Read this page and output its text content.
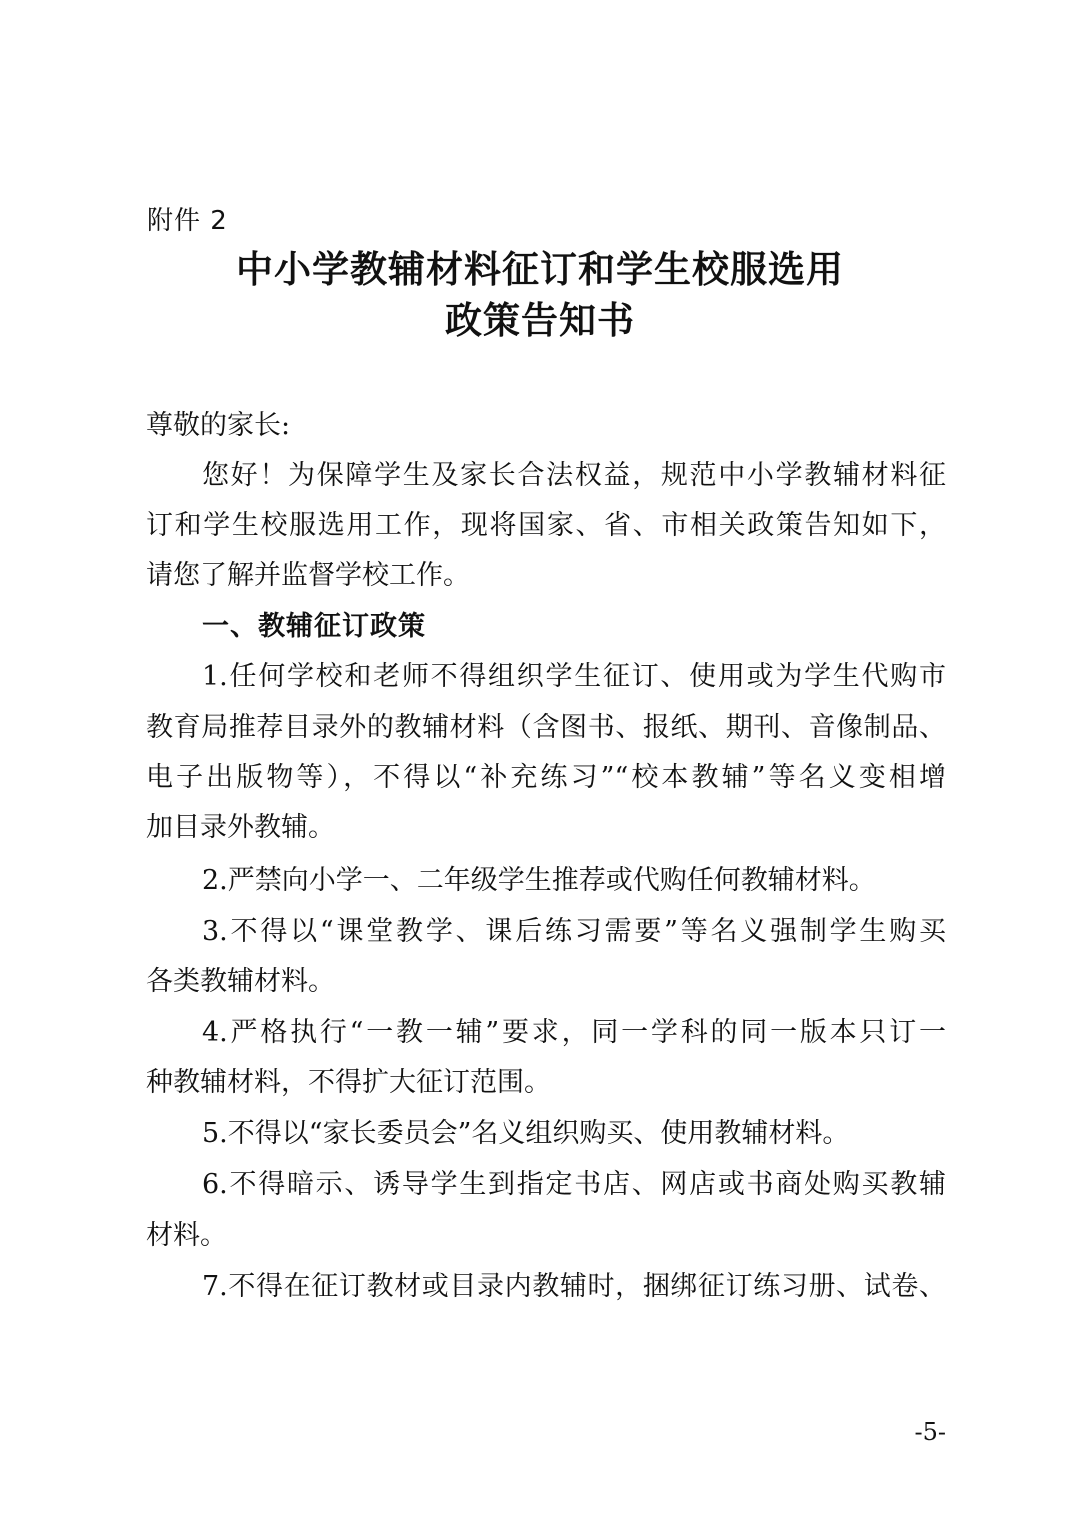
附件 2
中小学教辅材料征订和学生校服选用
政策告知书
尊敬的家长:
您好！为保障学生及家长合法权益，规范中小学教辅材料征
订和学生校服选用工作，现将国家、省、市相关政策告知如下，
请您了解并监督学校工作。
一、教辅征订政策
1.任何学校和老师不得组织学生征订、使用或为学生代购市
教育局推荐目录外的教辅材料（含图书、报纸、期刊、音像制品、
电子出版物等），不得以“补充练习”“校本教辅”等名义变相增
加目录外教辅。
2.严禁向小学一、二年级学生推荐或代购任何教辅材料。
3.不得以“课堂教学、课后练习需要”等名义强制学生购买
各类教辅材料。
4.严格执行“一教一辅”要求，同一学科的同一版本只订一
种教辅材料，不得扩大征订范围。
5.不得以“家长委员会”名义组织购买、使用教辅材料。
6.不得暗示、诱导学生到指定书店、网店或书商处购买教辅
材料。
7.不得在征订教材或目录内教辅时，捆绑征订练习册、试卷、
-5-
